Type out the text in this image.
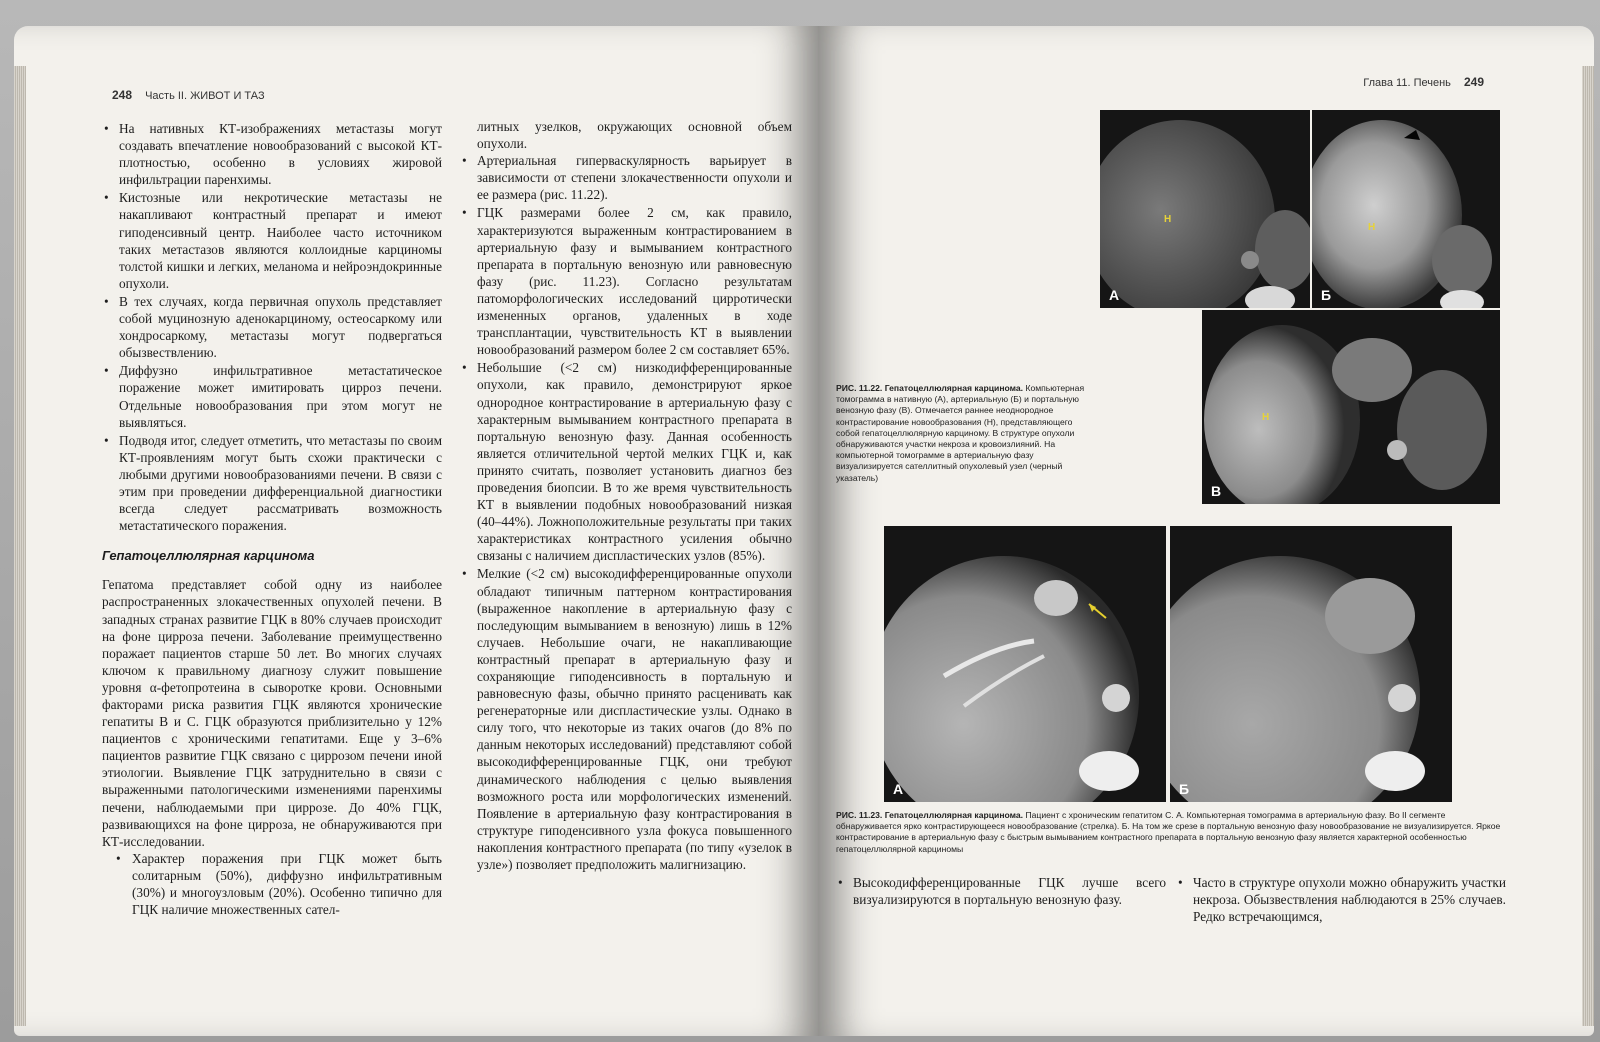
248 Часть II. ЖИВОТ И ТАЗ
• На нативных КТ-изображениях метастазы могут создавать впечатление новообразований с высокой КТ-плотностью, особенно в условиях жировой инфильтрации паренхимы.
• Кистозные или некротические метастазы не накапливают контрастный препарат и имеют гиподенсивный центр. Наиболее часто источником таких метастазов являются коллоидные карциномы толстой кишки и легких, меланома и нейроэндокринные опухоли.
• В тех случаях, когда первичная опухоль представляет собой муцинозную аденокарциному, остеосаркому или хондросаркому, метастазы могут подвергаться обызвествлению.
• Диффузно инфильтративное метастатическое поражение может имитировать цирроз печени. Отдельные новообразования при этом могут не выявляться.
• Подводя итог, следует отметить, что метастазы по своим КТ-проявлениям могут быть схожи практически с любыми другими новообразованиями печени. В связи с этим при проведении дифференциальной диагностики всегда следует рассматривать возможность метастатического поражения.
Гепатоцеллюлярная карцинома

Гепатома представляет собой одну из наиболее распространенных злокачественных опухолей печени. В западных странах развитие ГЦК в 80% случаев происходит на фоне цирроза печени. Заболевание преимущественно поражает пациентов старше 50 лет. Во многих случаях ключом к правильному диагнозу служит повышение уровня α-фетопротеина в сыворотке крови. Основными факторами риска развития ГЦК являются хронические гепатиты В и С. ГЦК образуются приблизительно у 12% пациентов с хроническими гепатитами. Еще у 3–6% пациентов развитие ГЦК связано с циррозом печени иной этиологии. Выявление ГЦК затруднительно в связи с выраженными патологическими изменениями паренхимы печени, наблюдаемыми при циррозе. До 40% ГЦК, развивающихся на фоне цирроза, не обнаруживаются при КТ-исследовании.

• Характер поражения при ГЦК может быть солитарным (50%), диффузно инфильтративным (30%) и многоузловым (20%). Особенно типично для ГЦК наличие множественных сател-

литных узелков, окружающих основной объем опухоли.

• Артериальная гиперваскулярность варьирует в зависимости от степени злокачественности опухоли и ее размера (рис. 11.22).
• ГЦК размерами более 2 см, как правило, характеризуются выраженным контрастированием в артериальную фазу и вымыванием контрастного препарата в портальную венозную или равновесную фазу (рис. 11.23). Согласно результатам патоморфологических исследований цирротически измененных органов, удаленных в ходе трансплантации, чувствительность КТ в выявлении новообразований размером более 2 см составляет 65%.
• Небольшие (<2 см) низкодифференцированные опухоли, как правило, демонстрируют яркое однородное контрастирование в артериальную фазу с характерным вымыванием контрастного препарата в портальную венозную фазу. Данная особенность является отличительной чертой мелких ГЦК и, как принято считать, позволяет установить диагноз без проведения биопсии. В то же время чувствительность КТ в выявлении подобных новообразований низкая (40–44%). Ложноположительные результаты при таких характеристиках контрастного усиления обычно связаны с наличием диспластических узлов (85%).
• Мелкие (<2 см) высокодифференцированные опухоли обладают типичным паттерном контрастирования (выраженное накопление в артериальную фазу с последующим вымыванием в венозную) лишь в 12% случаев. Небольшие очаги, не накапливающие контрастный препарат в артериальную фазу и сохраняющие гиподенсивность в портальную и равновесную фазы, обычно принято расценивать как регенераторные или диспластические узлы. Однако в силу того, что некоторые из таких очагов (до 8% по данным некоторых исследований) представляют собой высокодифференцированные ГЦК, они требуют динамического наблюдения с целью выявления возможного роста или морфологических изменений. Появление в артериальную фазу контрастирования в структуре гиподенсивного узла фокуса повышенного накопления контрастного препарата (по типу «узелок в узле») позволяет предположить малигнизацию.
Глава 11. Печень 249
Н
А
Н
Б
Н
В
РИС. 11.22. Гепатоцеллюлярная карцинома. Компьютерная томограмма в нативную (А), артериальную (Б) и портальную венозную фазу (В). Отмечается раннее неоднородное контрастирование новообразования (Н), представляющего собой гепатоцеллюлярную карциному. В структуре опухоли обнаруживаются участки некроза и кровоизлияний. На компьютерной томограмме в артериальную фазу визуализируется сателлитный опухолевый узел (черный указатель)
А	Б
РИС. 11.23. Гепатоцеллюлярная карцинома. Пациент с хроническим гепатитом С. А. Компьютерная томограмма в артериальную фазу. Во II сегменте обнаруживается ярко контрастирующееся новообразование (стрелка). Б. На том же срезе в портальную венозную фазу новообразование не визуализируется. Яркое контрастирование в артериальную фазу с быстрым вымыванием контрастного препарата в портальную венозную фазу является характерной особенностью гепатоцеллюлярной карциномы
• Высокодифференцированные ГЦК лучше всего визуализируются в портальную венозную фазу.
• Часто в структуре опухоли можно обнаружить участки некроза. Обызвествления наблюдаются в 25% случаев. Редко встречающимся,
